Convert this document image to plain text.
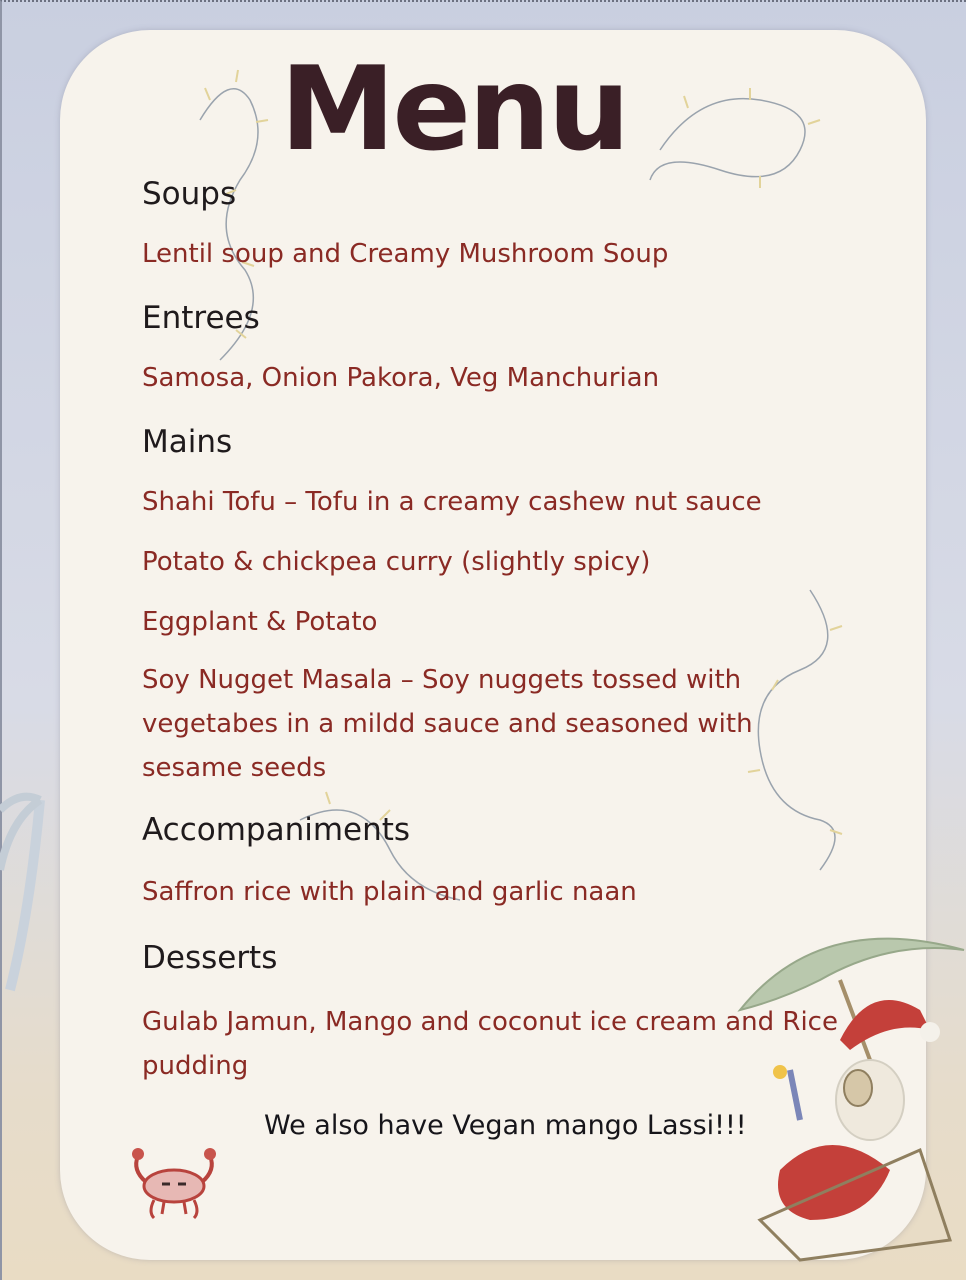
Menu
Soups
Lentil soup and Creamy Mushroom Soup
Entrees
Samosa, Onion Pakora, Veg Manchurian
Mains
Shahi Tofu – Tofu in a creamy cashew nut sauce
Potato & chickpea curry (slightly spicy)
Eggplant & Potato
Soy Nugget Masala – Soy nuggets tossed with vegetabes in a mildd sauce and seasoned with sesame seeds
Accompaniments
Saffron rice with plain and garlic naan
Desserts
Gulab Jamun, Mango and coconut ice cream and Rice pudding
We also have Vegan mango Lassi!!!
